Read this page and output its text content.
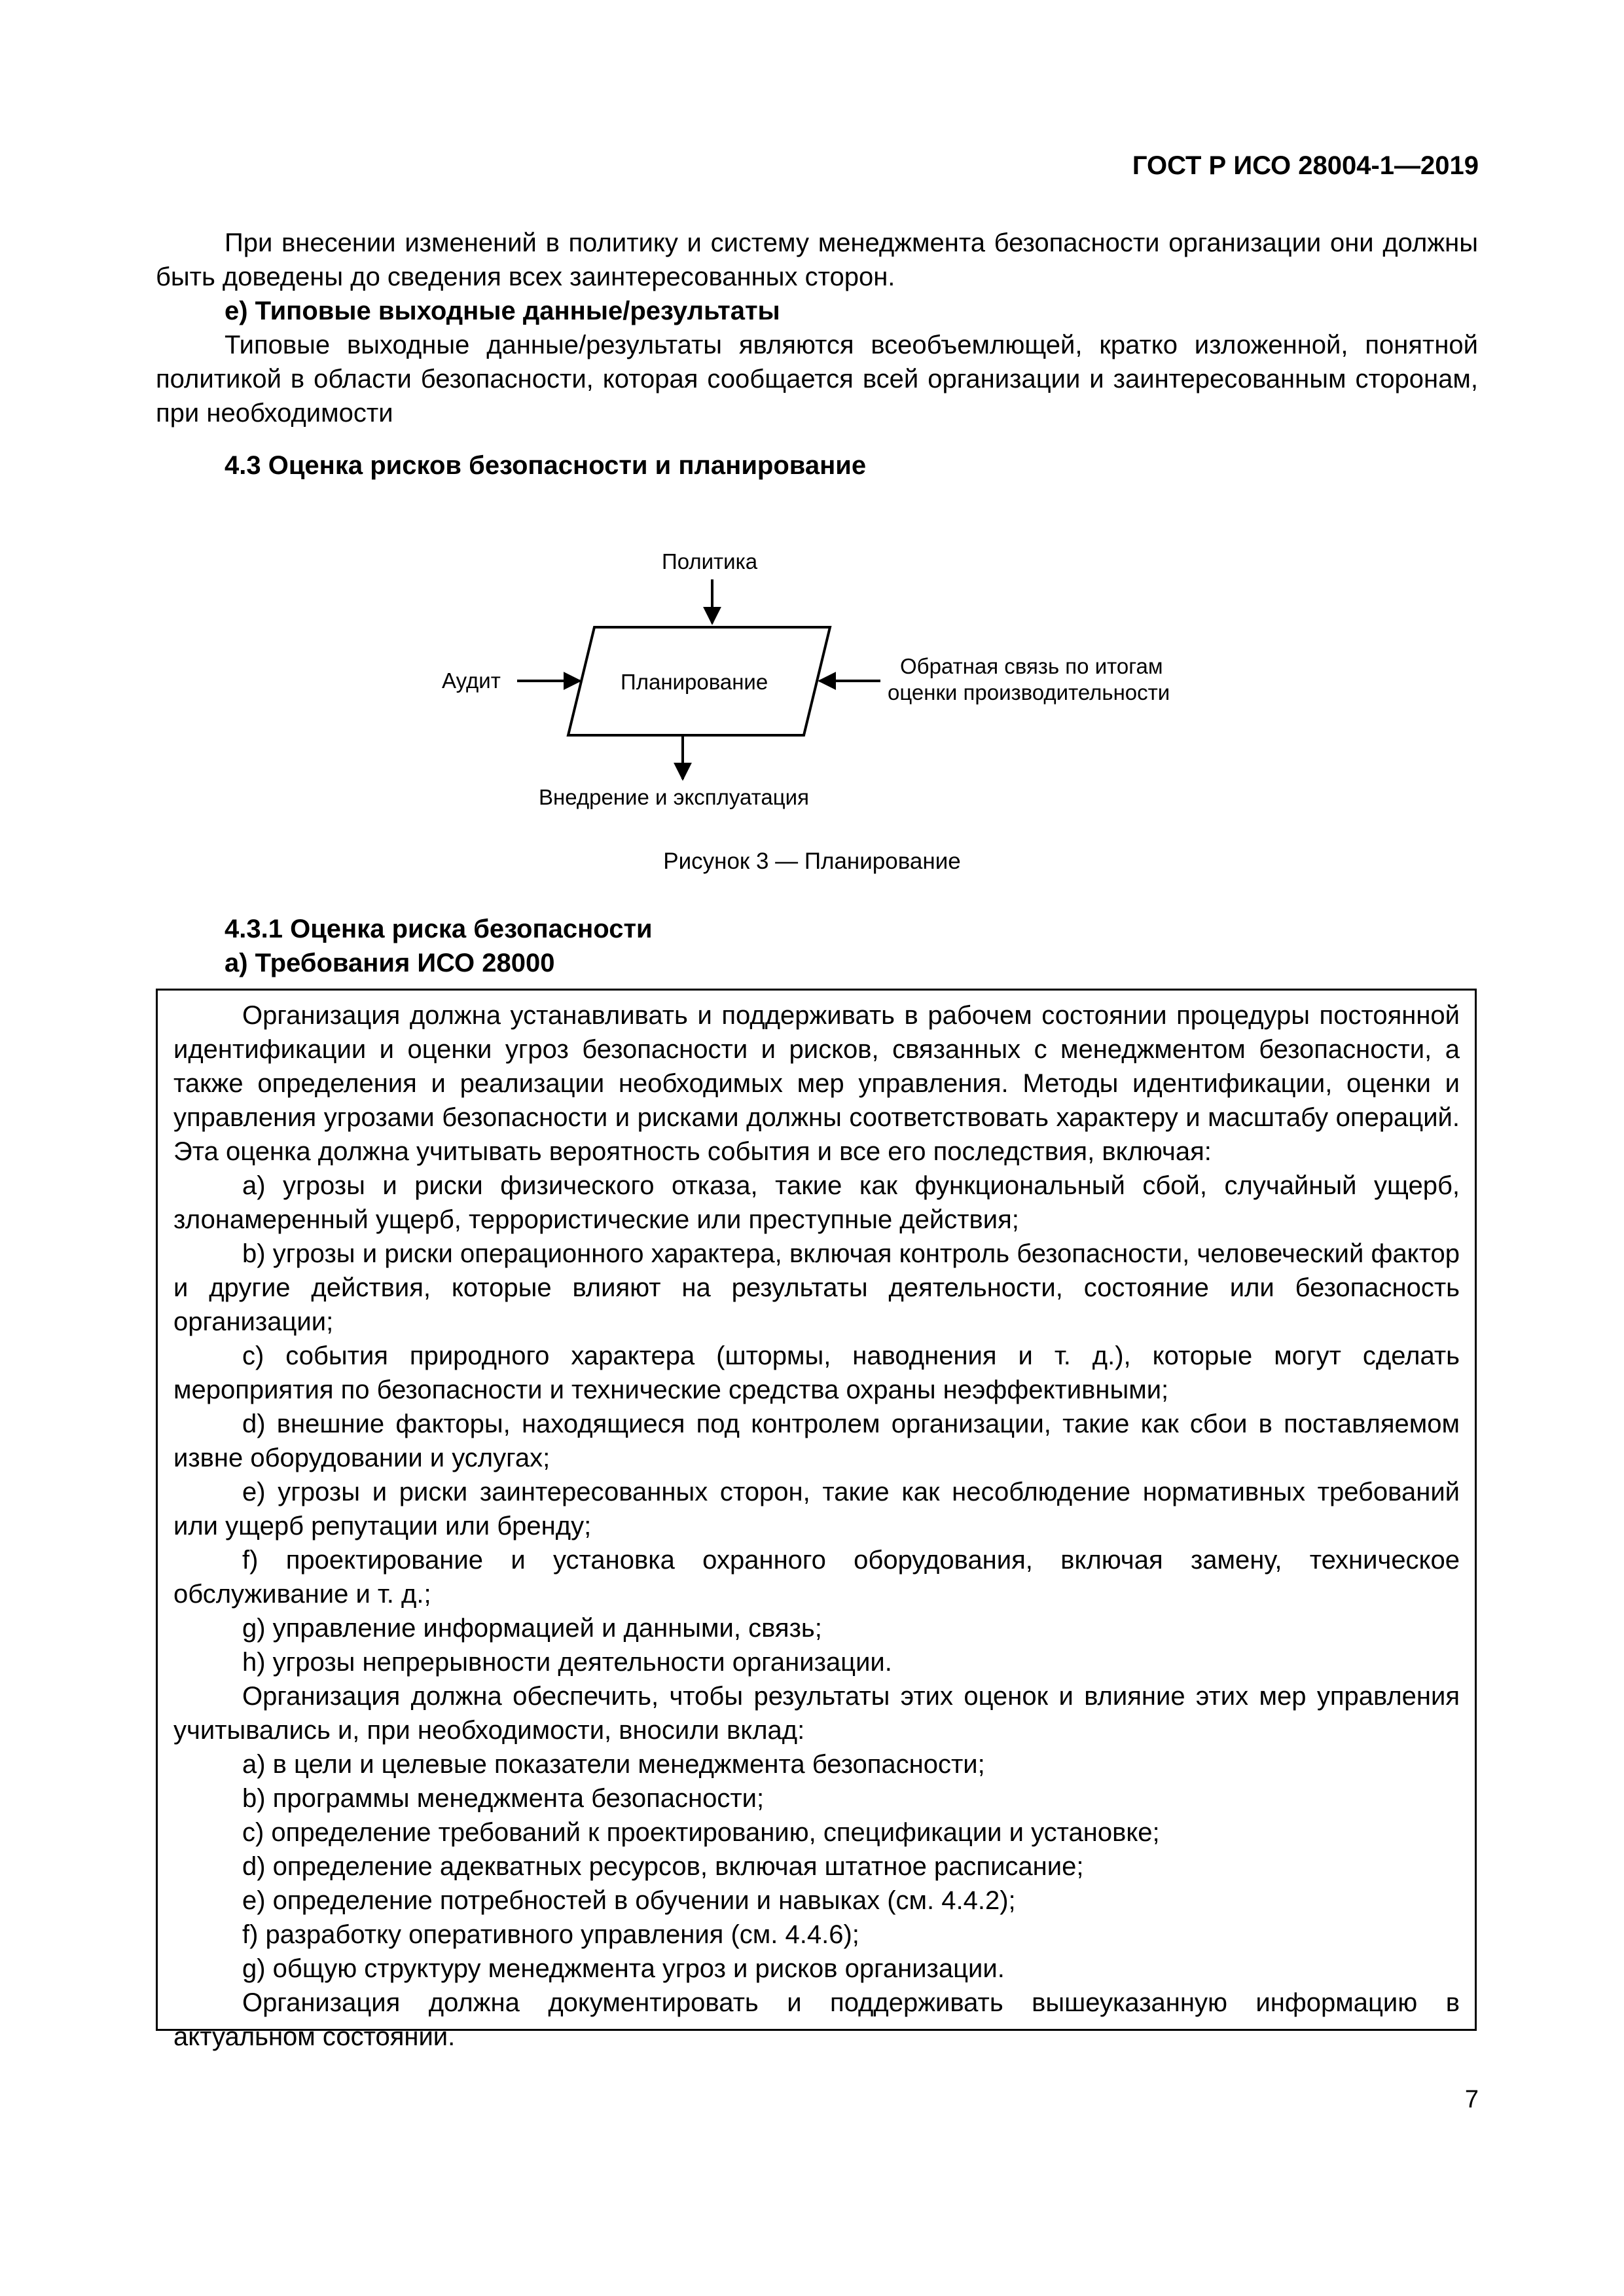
ГОСТ Р ИСО 28004-1—2019

При внесении изменений в политику и систему менеджмента безопасности организации они должны быть доведены до сведения всех заинтересованных сторон.

e) Типовые выходные данные/результаты

Типовые выходные данные/результаты являются всеобъемлющей, кратко изложенной, понятной политикой в области безопасности, которая сообщается всей организации и заинтересованным сторонам, при необходимости

4.3 Оценка рисков безопасности и планирование
Политика
Аудит	Планирование
Обратная связь по итогам
оценки производительности
Внедрение и эксплуатация
Рисунок 3 — Планирование
4.3.1 Оценка риска безопасности
а) Требования ИСО 28000

Организация должна устанавливать и поддерживать в рабочем состоянии процедуры постоянной идентификации и оценки угроз безопасности и рисков, связанных с менеджментом безопасности, а также определения и реализации необходимых мер управления. Методы идентификации, оценки и управления угрозами безопасности и рисками должны соответствовать характеру и масштабу операций. Эта оценка должна учитывать вероятность события и все его последствия, включая:

a) угрозы и риски физического отказа, такие как функциональный сбой, случайный ущерб, злонамеренный ущерб, террористические или преступные действия;

b) угрозы и риски операционного характера, включая контроль безопасности, человеческий фактор и другие действия, которые влияют на результаты деятельности, состояние или безопасность организации;

c) события природного характера (штормы, наводнения и т. д.), которые могут сделать мероприятия по безопасности и технические средства охраны неэффективными;

d) внешние факторы, находящиеся под контролем организации, такие как сбои в поставляемом извне оборудовании и услугах;

e) угрозы и риски заинтересованных сторон, такие как несоблюдение нормативных требований или ущерб репутации или бренду;

f) проектирование и установка охранного оборудования, включая замену, техническое обслуживание и т. д.;

g) управление информацией и данными, связь;

h) угрозы непрерывности деятельности организации.

Организация должна обеспечить, чтобы результаты этих оценок и влияние этих мер управления учитывались и, при необходимости, вносили вклад:

a) в цели и целевые показатели менеджмента безопасности;

b) программы менеджмента безопасности;

c) определение требований к проектированию, спецификации и установке;

d) определение адекватных ресурсов, включая штатное расписание;

e) определение потребностей в обучении и навыках (см. 4.4.2);

f) разработку оперативного управления (см. 4.4.6);

g) общую структуру менеджмента угроз и рисков организации.

Организация должна документировать и поддерживать вышеуказанную информацию в актуальном состоянии.

7
